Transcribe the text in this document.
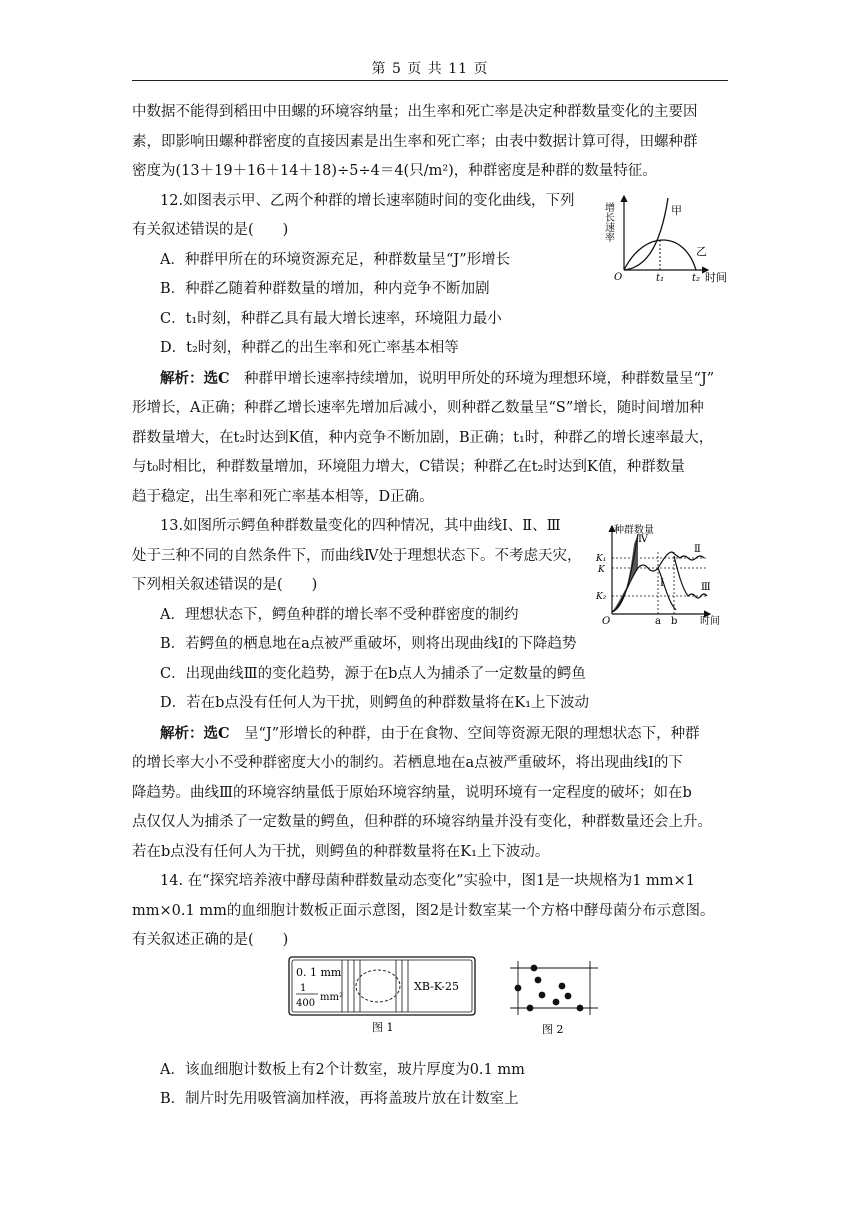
第 5 页 共 11 页

中数据不能得到稻田中田螺的环境容纳量；出生率和死亡率是决定种群数量变化的主要因

素，即影响田螺种群密度的直接因素是出生率和死亡率；由表中数据计算可得，田螺种群

密度为(13＋19＋16＋14＋18)÷5÷4＝4(只/m²)，种群密度是种群的数量特征。

12.如图表示甲、乙两个种群的增长速率随时间的变化曲线，下列

有关叙述错误的是(　　)

A．种群甲所在的环境资源充足，种群数量呈“J”形增长

B．种群乙随着种群数量的增加，种内竞争不断加剧

C．t₁时刻，种群乙具有最大增长速率，环境阻力最小

D．t₂时刻，种群乙的出生率和死亡率基本相等

解析：选C　 种群甲增长速率持续增加，说明甲所处的环境为理想环境，种群数量呈“J”

形增长，A正确；种群乙增长速率先增加后减小，则种群乙数量呈“S”增长，随时间增加种

群数量增大，在t₂时达到K值，种内竞争不断加剧，B正确；t₁时，种群乙的增长速率最大，

与t₀时相比，种群数量增加，环境阻力增大，C错误；种群乙在t₂时达到K值，种群数量

趋于稳定，出生率和死亡率基本相等，D正确。

13.如图所示鳄鱼种群数量变化的四种情况，其中曲线Ⅰ、Ⅱ、Ⅲ

处于三种不同的自然条件下，而曲线Ⅳ处于理想状态下。不考虑天灾，

下列相关叙述错误的是(　　)

A．理想状态下，鳄鱼种群的增长率不受种群密度的制约

B．若鳄鱼的栖息地在a点被严重破坏，则将出现曲线Ⅰ的下降趋势

C．出现曲线Ⅲ的变化趋势，源于在b点人为捕杀了一定数量的鳄鱼

D．若在b点没有任何人为干扰，则鳄鱼的种群数量将在K₁上下波动

解析：选C　 呈“J”形增长的种群，由于在食物、空间等资源无限的理想状态下，种群

的增长率大小不受种群密度大小的制约。若栖息地在a点被严重破坏，将出现曲线Ⅰ的下

降趋势。曲线Ⅲ的环境容纳量低于原始环境容纳量，说明环境有一定程度的破坏；如在b

点仅仅人为捕杀了一定数量的鳄鱼，但种群的环境容纳量并没有变化，种群数量还会上升。

若在b点没有任何人为干扰，则鳄鱼的种群数量将在K₁上下波动。

14. 在“探究培养液中酵母菌种群数量动态变化”实验中，图1是一块规格为1 mm×1

mm×0.1 mm的血细胞计数板正面示意图，图2是计数室某一个方格中酵母菌分布示意图。

有关叙述正确的是(　　)

A．该血细胞计数板上有2个计数室，玻片厚度为0.1 mm

B．制片时先用吸管滴加样液，再将盖玻片放在计数室上

增长速率
O	t₁	t₂ 时间
甲
乙
种群数量
K₁
K
K₂
O	a b 时间
Ⅰ
Ⅱ
Ⅲ
Ⅳ
0. 1 mm
1
400
mm²
XB-K-25
图 1	图 2
